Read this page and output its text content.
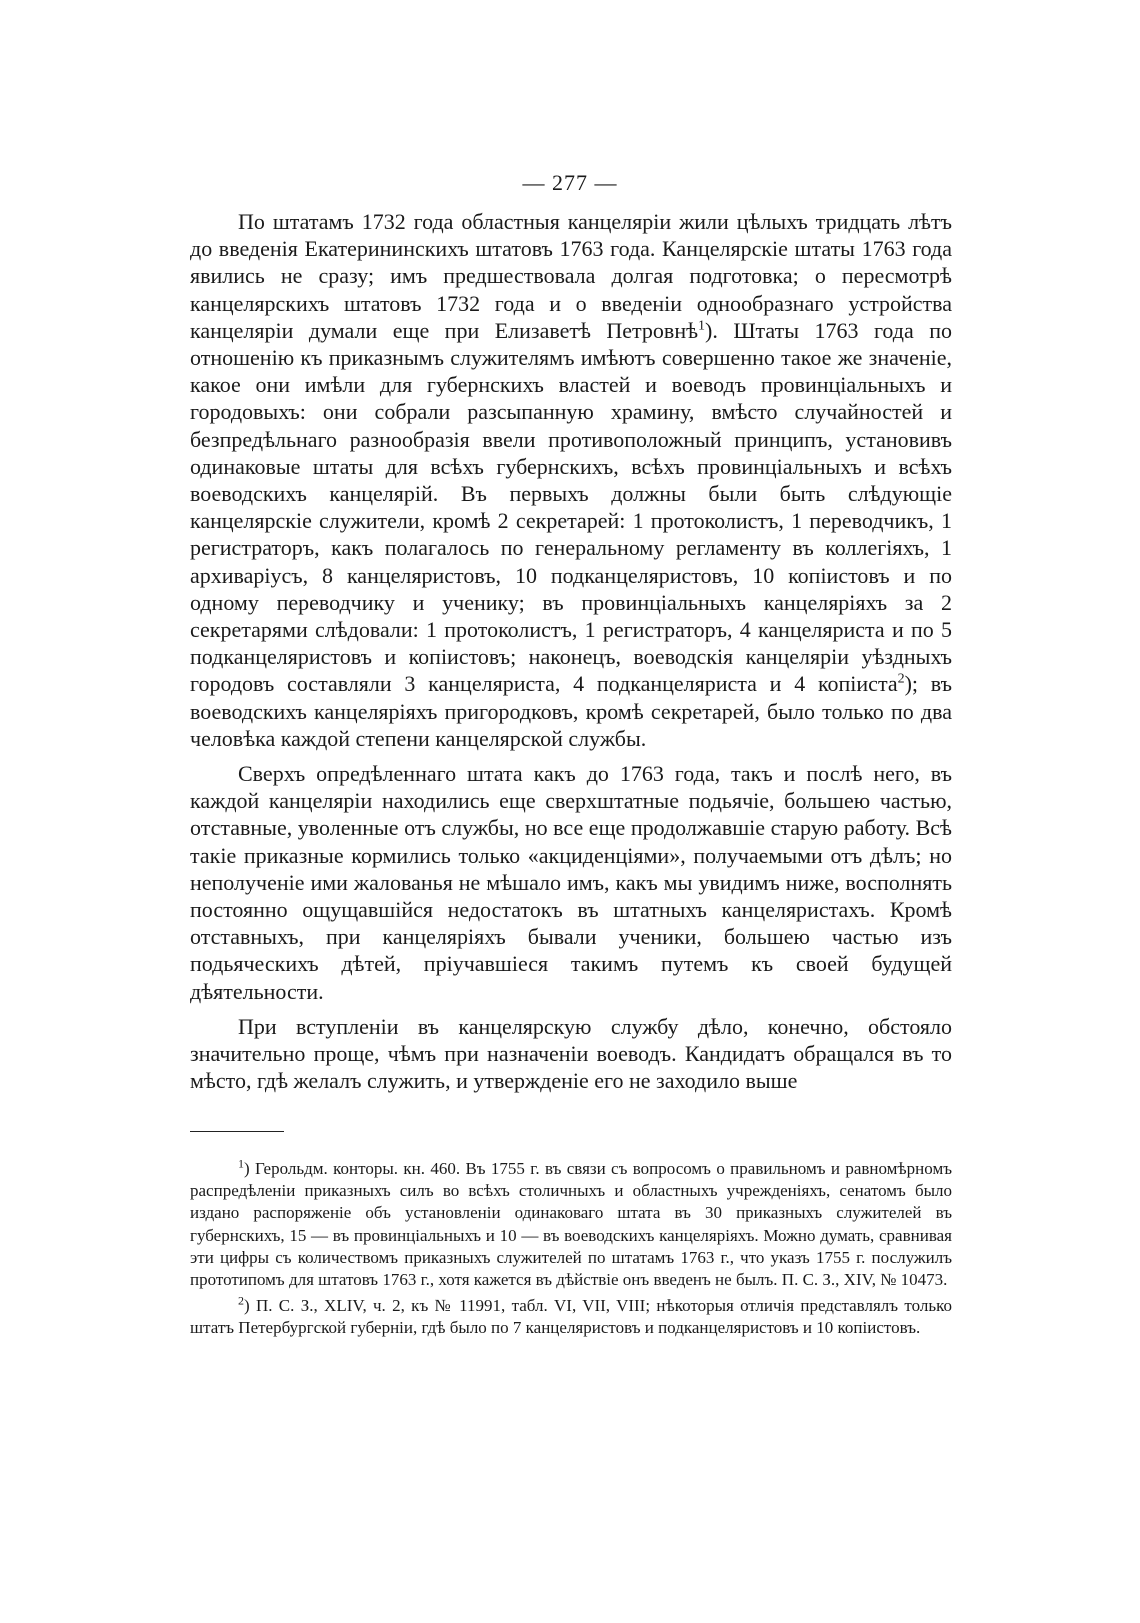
— 277 —

По штатамъ 1732 года областныя канцеляріи жили цѣлыхъ тридцать лѣтъ до введенія Екатерининскихъ штатовъ 1763 года. Канцелярскіе штаты 1763 года явились не сразу; имъ предшествовала долгая подготовка; о пересмотрѣ канцелярскихъ штатовъ 1732 года и о введеніи однообразнаго устройства канцеляріи думали еще при Елизаветѣ Петровнѣ$^1$). Штаты 1763 года по отношенію къ приказнымъ служителямъ имѣютъ совершенно такое же значеніе, какое они имѣли для губернскихъ властей и воеводъ провинціальныхъ и городовыхъ: они собрали разсыпанную храмину, вмѣсто случайностей и безпредѣльнаго разнообразія ввели противоположный принципъ, установивъ одинаковые штаты для всѣхъ губернскихъ, всѣхъ провинціальныхъ и всѣхъ воеводскихъ канцелярій. Въ первыхъ должны были быть слѣдующіе канцелярскіе служители, кромѣ 2 секретарей: 1 протоколистъ, 1 переводчикъ, 1 регистраторъ, какъ полагалось по генеральному регламенту въ коллегіяхъ, 1 архиваріусъ, 8 канцеляристовъ, 10 подканцеляристовъ, 10 копіистовъ и по одному переводчику и ученику; въ провинціальныхъ канцеляріяхъ за 2 секретарями слѣдовали: 1 протоколистъ, 1 регистраторъ, 4 канцеляриста и по 5 подканцеляристовъ и копіистовъ; наконецъ, воеводскія канцеляріи уѣздныхъ городовъ составляли 3 канцеляриста, 4 подканцеляриста и 4 копіиста$^2$); въ воеводскихъ канцеляріяхъ пригородковъ, кромѣ секретарей, было только по два человѣка каждой степени канцелярской службы.

Сверхъ опредѣленнаго штата какъ до 1763 года, такъ и послѣ него, въ каждой канцеляріи находились еще сверхштатные подьячіе, большею частью, отставные, уволенные отъ службы, но все еще продолжавшіе старую работу. Всѣ такіе приказные кормились только «акциденціями», получаемыми отъ дѣлъ; но неполученіе ими жалованья не мѣшало имъ, какъ мы увидимъ ниже, восполнять постоянно ощущавшійся недостатокъ въ штатныхъ канцеляристахъ. Кромѣ отставныхъ, при канцеляріяхъ бывали ученики, большею частью изъ подьяческихъ дѣтей, пріучавшіеся такимъ путемъ къ своей будущей дѣятельности.

При вступленіи въ канцелярскую службу дѣло, конечно, обстояло значительно проще, чѣмъ при назначеніи воеводъ. Кандидатъ обращался въ то мѣсто, гдѣ желалъ служить, и утвержденіе его не заходило выше

$^1$) Герольдм. конторы. кн. 460. Въ 1755 г. въ связи съ вопросомъ о правильномъ и равномѣрномъ распредѣленіи приказныхъ силъ во всѣхъ столичныхъ и областныхъ учрежденіяхъ, сенатомъ было издано распоряженіе объ установленіи одинаковаго штата въ 30 приказныхъ служителей въ губернскихъ, 15 — въ провинціальныхъ и 10 — въ воеводскихъ канцеляріяхъ. Можно думать, сравнивая эти цифры съ количествомъ приказныхъ служителей по штатамъ 1763 г., что указъ 1755 г. послужилъ прототипомъ для штатовъ 1763 г., хотя кажется въ дѣйствіе онъ введенъ не былъ. П. С. З., XIV, № 10473.

$^2$) П. С. З., XLIV, ч. 2, къ № 11991, табл. VI, VII, VIII; нѣкоторыя отличія представлялъ только штатъ Петербургской губерніи, гдѣ было по 7 канцеляристовъ и подканцеляристовъ и 10 копіистовъ.
